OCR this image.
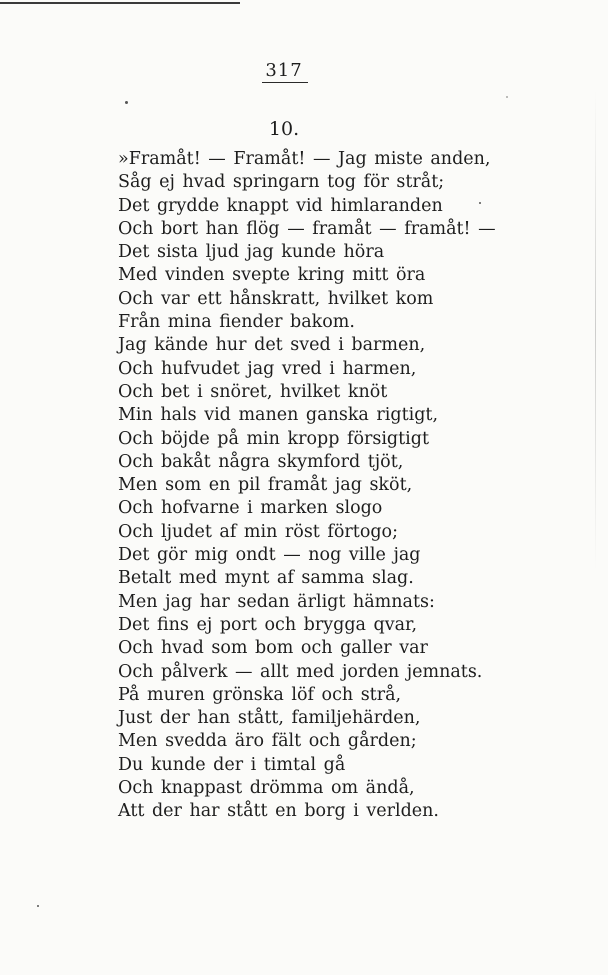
317
10.
»Framåt! — Framåt! — Jag miste anden,
Såg ej hvad springarn tog för stråt;
Det grydde knappt vid himlaranden
Och bort han flög — framåt — framåt! —
Det sista ljud jag kunde höra
Med vinden svepte kring mitt öra
Och var ett hånskratt, hvilket kom
Från mina fiender bakom.
Jag kände hur det sved i barmen,
Och hufvudet jag vred i harmen,
Och bet i snöret, hvilket knöt
Min hals vid manen ganska rigtigt,
Och böjde på min kropp försigtigt
Och bakåt några skymford tjöt,
Men som en pil framåt jag sköt,
Och hofvarne i marken slogo
Och ljudet af min röst förtogo;
Det gör mig ondt — nog ville jag
Betalt med mynt af samma slag.
Men jag har sedan ärligt hämnats:
Det fins ej port och brygga qvar,
Och hvad som bom och galler var
Och pålverk — allt med jorden jemnats.
På muren grönska löf och strå,
Just der han stått, familjehärden,
Men svedda äro fält och gården;
Du kunde der i timtal gå
Och knappast drömma om ändå,
Att der har stått en borg i verlden.
